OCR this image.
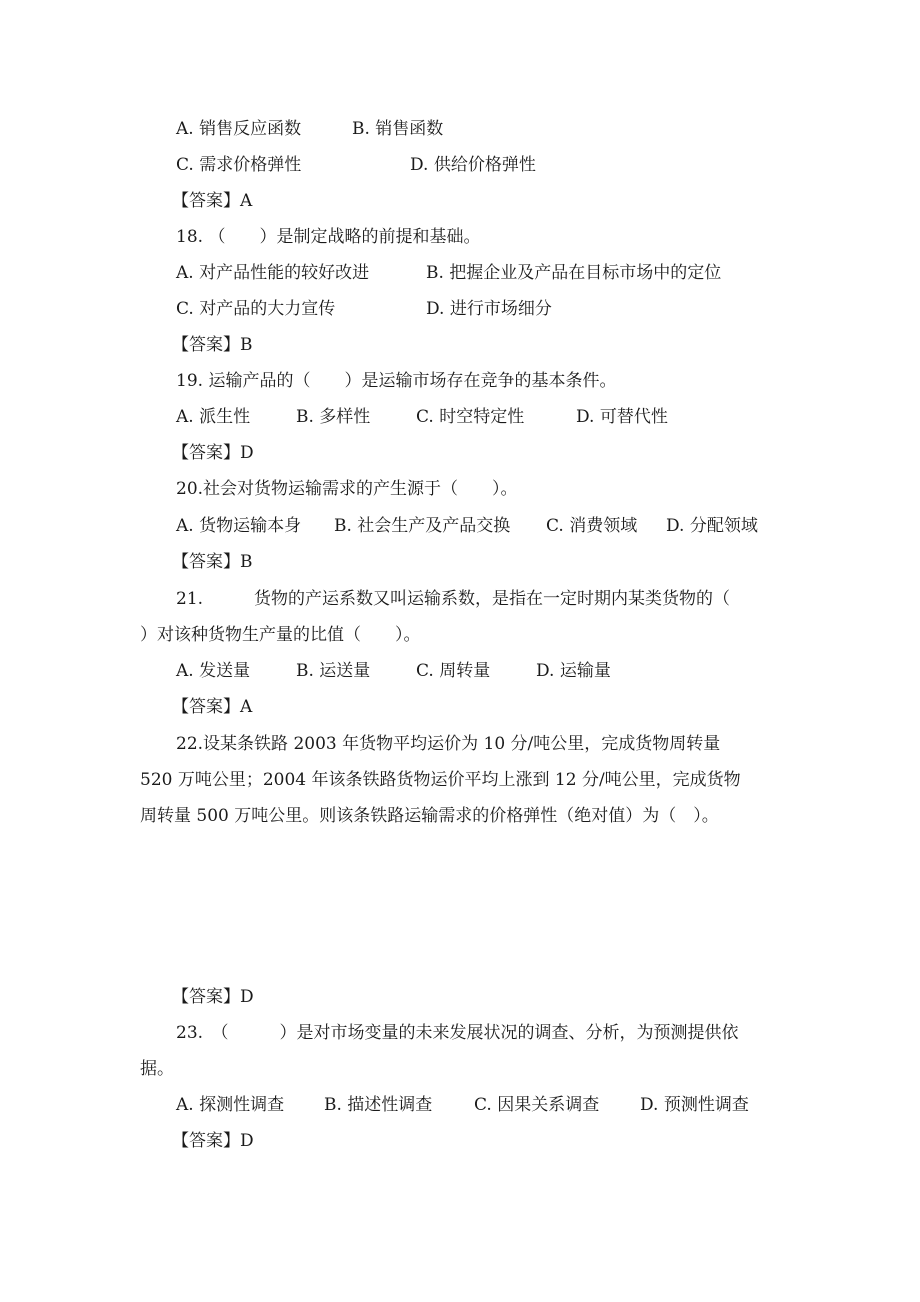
A. 销售反应函数	B. 销售函数
C. 需求价格弹性	D. 供给价格弹性
【答案】A
18. （　　）是制定战略的前提和基础。
A. 对产品性能的较好改进	B. 把握企业及产品在目标市场中的定位
C. 对产品的大力宣传	D. 进行市场细分
【答案】B
19. 运输产品的（　　）是运输市场存在竞争的基本条件。
A. 派生性	B. 多样性	C. 时空特定性	D. 可替代性
【答案】D
20.社会对货物运输需求的产生源于（　　）。
A. 货物运输本身 B. 社会生产及产品交换 C. 消费领域 D. 分配领域
【答案】B
21.　　　货物的产运系数又叫运输系数，是指在一定时期内某类货物的（
）对该种货物生产量的比值（　　）。
A. 发送量	B. 运送量	C. 周转量	D. 运输量
【答案】A
22.设某条铁路 2003 年货物平均运价为 10 分/吨公里，完成货物周转量
520 万吨公里；2004 年该条铁路货物运价平均上涨到 12 分/吨公里，完成货物
周转量 500 万吨公里。则该条铁路运输需求的价格弹性（绝对值）为（　）。
【答案】D
23.　（　　　）是对市场变量的未来发展状况的调查、分析，为预测提供依
据。
A. 探测性调查 B. 描述性调查 C. 因果关系调查 D. 预测性调查
【答案】D
